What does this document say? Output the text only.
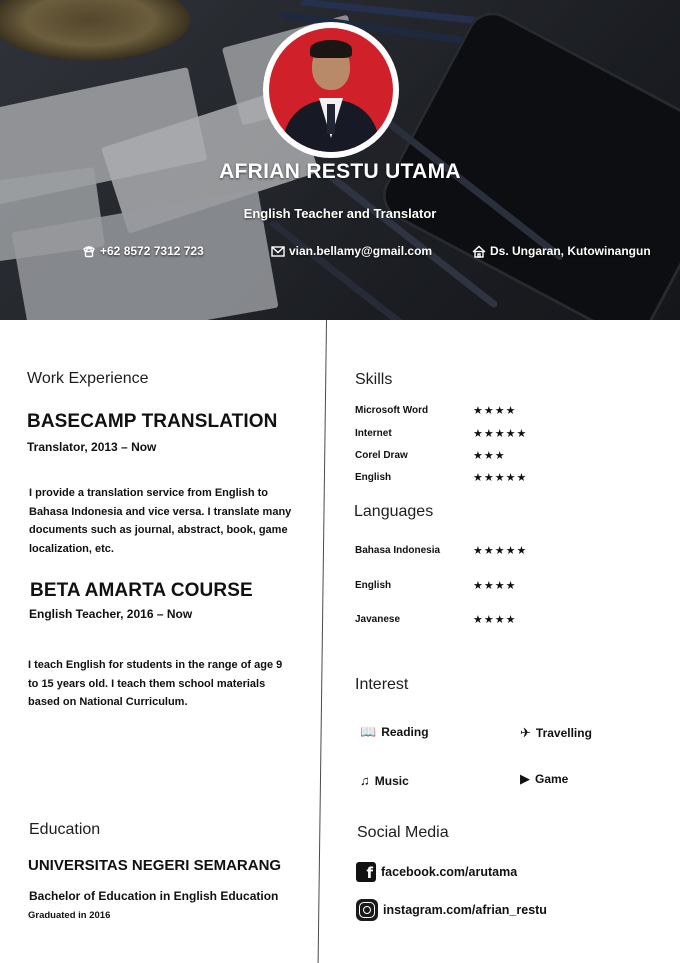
AFRIAN RESTU UTAMA
English Teacher and Translator
+62 8572 7312 723	vian.bellamy@gmail.com	Ds. Ungaran, Kutowinangun
Work Experience
BASECAMP TRANSLATION
Translator, 2013 – Now
I provide a translation service from English to
Bahasa Indonesia and vice versa. I translate many
documents such as journal, abstract, book, game
localization, etc.
BETA AMARTA COURSE
English Teacher, 2016 – Now
I teach English for students in the range of age 9
to 15 years old. I teach them school materials
based on National Curriculum.
Education
UNIVERSITAS NEGERI SEMARANG
Bachelor of Education in English Education
Graduated in 2016
Skills
Microsoft Word	★★★★
Internet	★★★★★
Corel Draw	★★★
English	★★★★★
Languages
Bahasa Indonesia	★★★★★
English	★★★★
Javanese	★★★★
Interest
📖 Reading	✈ Travelling
♫ Music	▶ Game
Social Media
f facebook.com/arutama
instagram.com/afrian_restu
